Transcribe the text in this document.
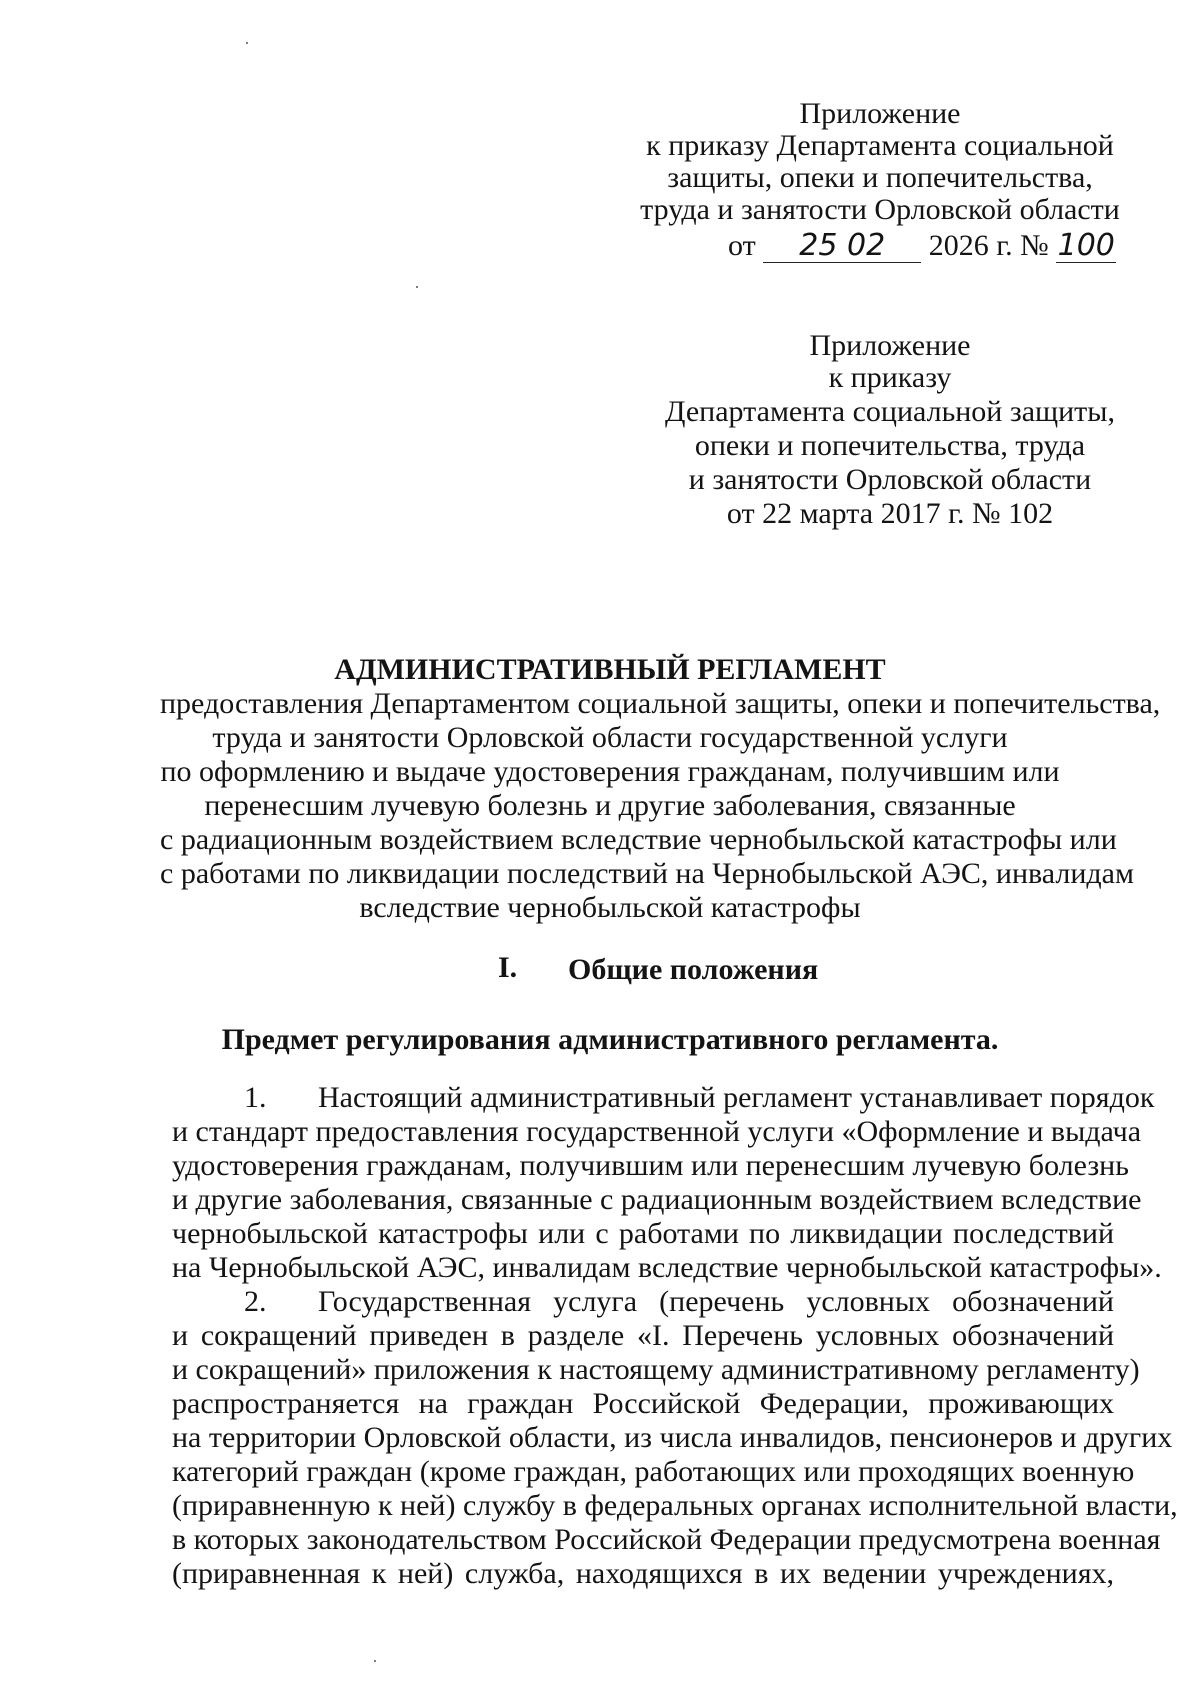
Приложение
к приказу Департамента социальной
защиты, опеки и попечительства,
труда и занятости Орловской области
от 25 02 2026 г. № 100
Приложение
к приказу
Департамента социальной защиты,
опеки и попечительства, труда
и занятости Орловской области
от 22 марта 2017 г. № 102
АДМИНИСТРАТИВНЫЙ РЕГЛАМЕНТ
предоставления Департаментом социальной защиты, опеки и попечительства,
труда и занятости Орловской области государственной услуги
по оформлению и выдаче удостоверения гражданам, получившим или
перенесшим лучевую болезнь и другие заболевания, связанные
с радиационным воздействием вследствие чернобыльской катастрофы или
с работами по ликвидации последствий на Чернобыльской АЭС, инвалидам
вследствие чернобыльской катастрофы
I. Общие положения
Предмет регулирования административного регламента.
1. Настоящий административный регламент устанавливает порядок
и стандарт предоставления государственной услуги «Оформление и выдача
удостоверения гражданам, получившим или перенесшим лучевую болезнь
и другие заболевания, связанные с радиационным воздействием вследствие
чернобыльской катастрофы или с работами по ликвидации последствий
на Чернобыльской АЭС, инвалидам вследствие чернобыльской катастрофы».
2. Государственная услуга (перечень условных обозначений
и сокращений приведен в разделе «I. Перечень условных обозначений
и сокращений» приложения к настоящему административному регламенту)
распространяется на граждан Российской Федерации, проживающих
на территории Орловской области, из числа инвалидов, пенсионеров и других
категорий граждан (кроме граждан, работающих или проходящих военную
(приравненную к ней) службу в федеральных органах исполнительной власти,
в которых законодательством Российской Федерации предусмотрена военная
(приравненная к ней) служба, находящихся в их ведении учреждениях,
